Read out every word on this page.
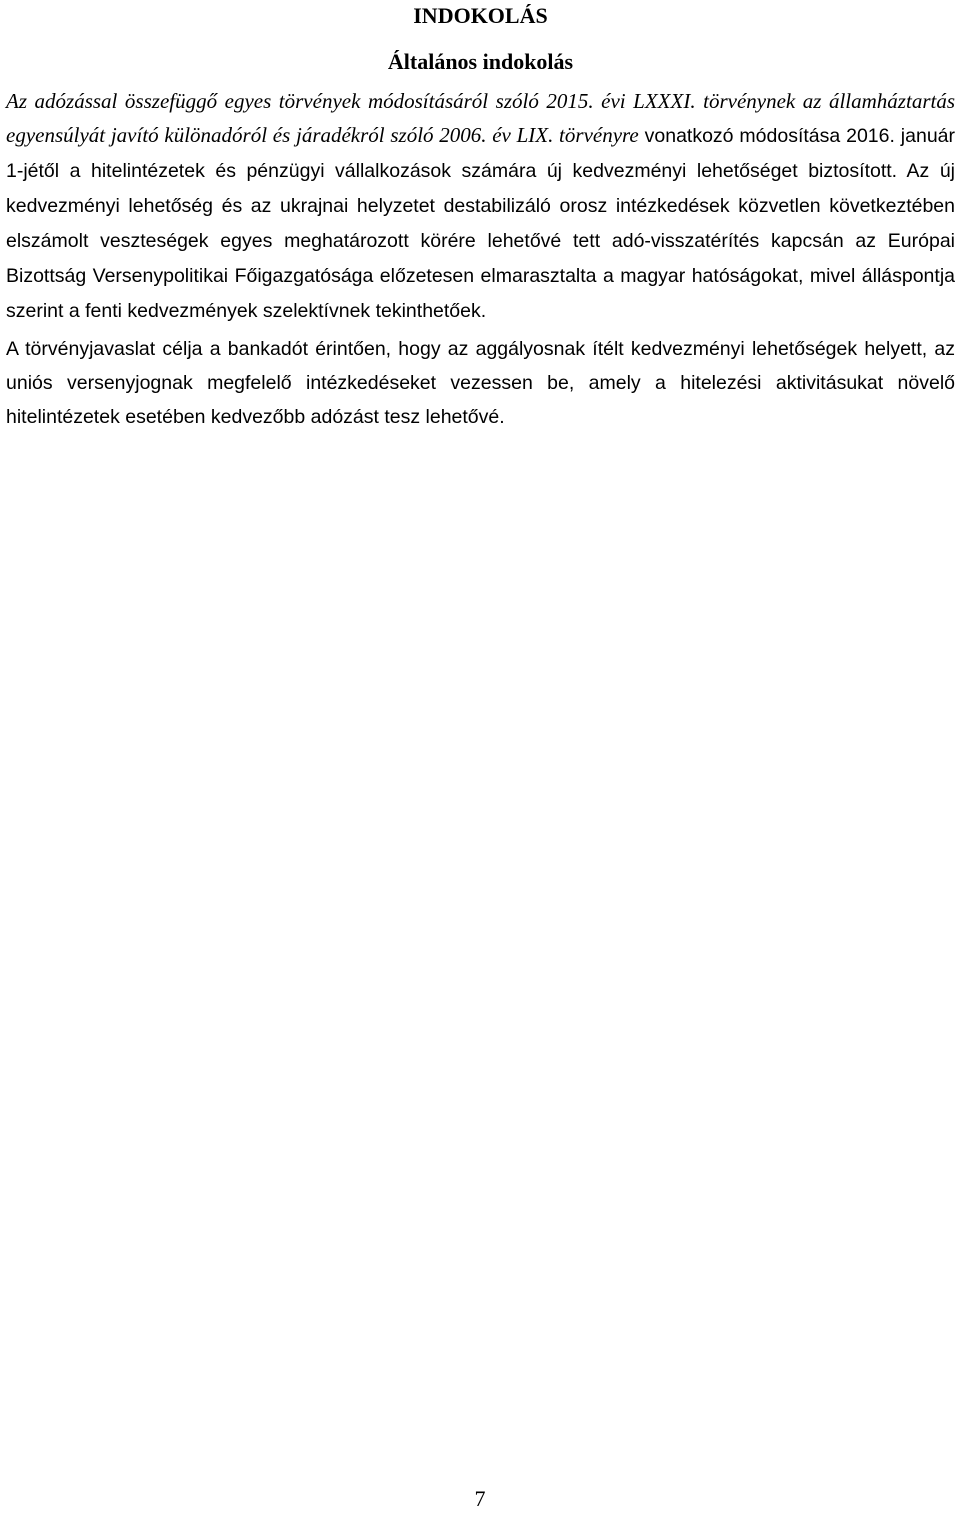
INDOKOLÁS
Általános indokolás

Az adózással összefüggő egyes törvények módosításáról szóló 2015. évi LXXXI. törvénynek az államháztartás egyensúlyát javító különadóról és járadékról szóló 2006. év LIX. törvényre vonatkozó módosítása 2016. január 1-jétől a hitelintézetek és pénzügyi vállalkozások számára új kedvezményi lehetőséget biztosított. Az új kedvezményi lehetőség és az ukrajnai helyzetet destabilizáló orosz intézkedések közvetlen következtében elszámolt veszteségek egyes meghatározott körére lehetővé tett adó-visszatérítés kapcsán az Európai Bizottság Versenypolitikai Főigazgatósága előzetesen elmarasztalta a magyar hatóságokat, mivel álláspontja szerint a fenti kedvezmények szelektívnek tekinthetőek.

A törvényjavaslat célja a bankadót érintően, hogy az aggályosnak ítélt kedvezményi lehetőségek helyett, az uniós versenyjognak megfelelő intézkedéseket vezessen be, amely a hitelezési aktivitásukat növelő hitelintézetek esetében kedvezőbb adózást tesz lehetővé.

7
